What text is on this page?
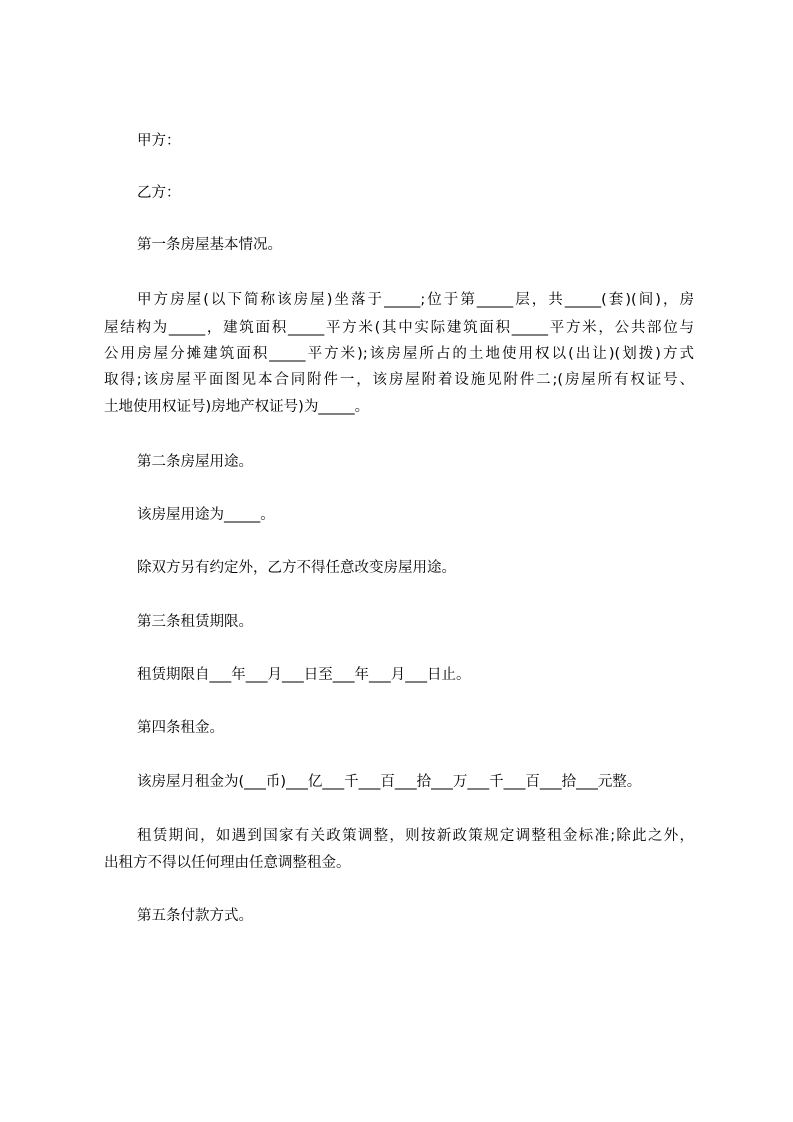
甲方：
乙方：
第一条房屋基本情况。
甲方房屋(以下简称该房屋)坐落于_____;位于第_____层，共_____(套)(间)，房
屋结构为_____，建筑面积_____平方米(其中实际建筑面积_____平方米，公共部位与
公用房屋分摊建筑面积_____平方米);该房屋所占的土地使用权以(出让)(划拨)方式
取得;该房屋平面图见本合同附件一，该房屋附着设施见附件二;(房屋所有权证号、
土地使用权证号)房地产权证号)为_____。
第二条房屋用途。
该房屋用途为_____。
除双方另有约定外，乙方不得任意改变房屋用途。
第三条租赁期限。
租赁期限自___年___月___日至___年___月___日止。
第四条租金。
该房屋月租金为(___币)___亿___千___百___拾___万___千___百___拾___元整。
租赁期间，如遇到国家有关政策调整，则按新政策规定调整租金标准;除此之外，
出租方不得以任何理由任意调整租金。
第五条付款方式。
